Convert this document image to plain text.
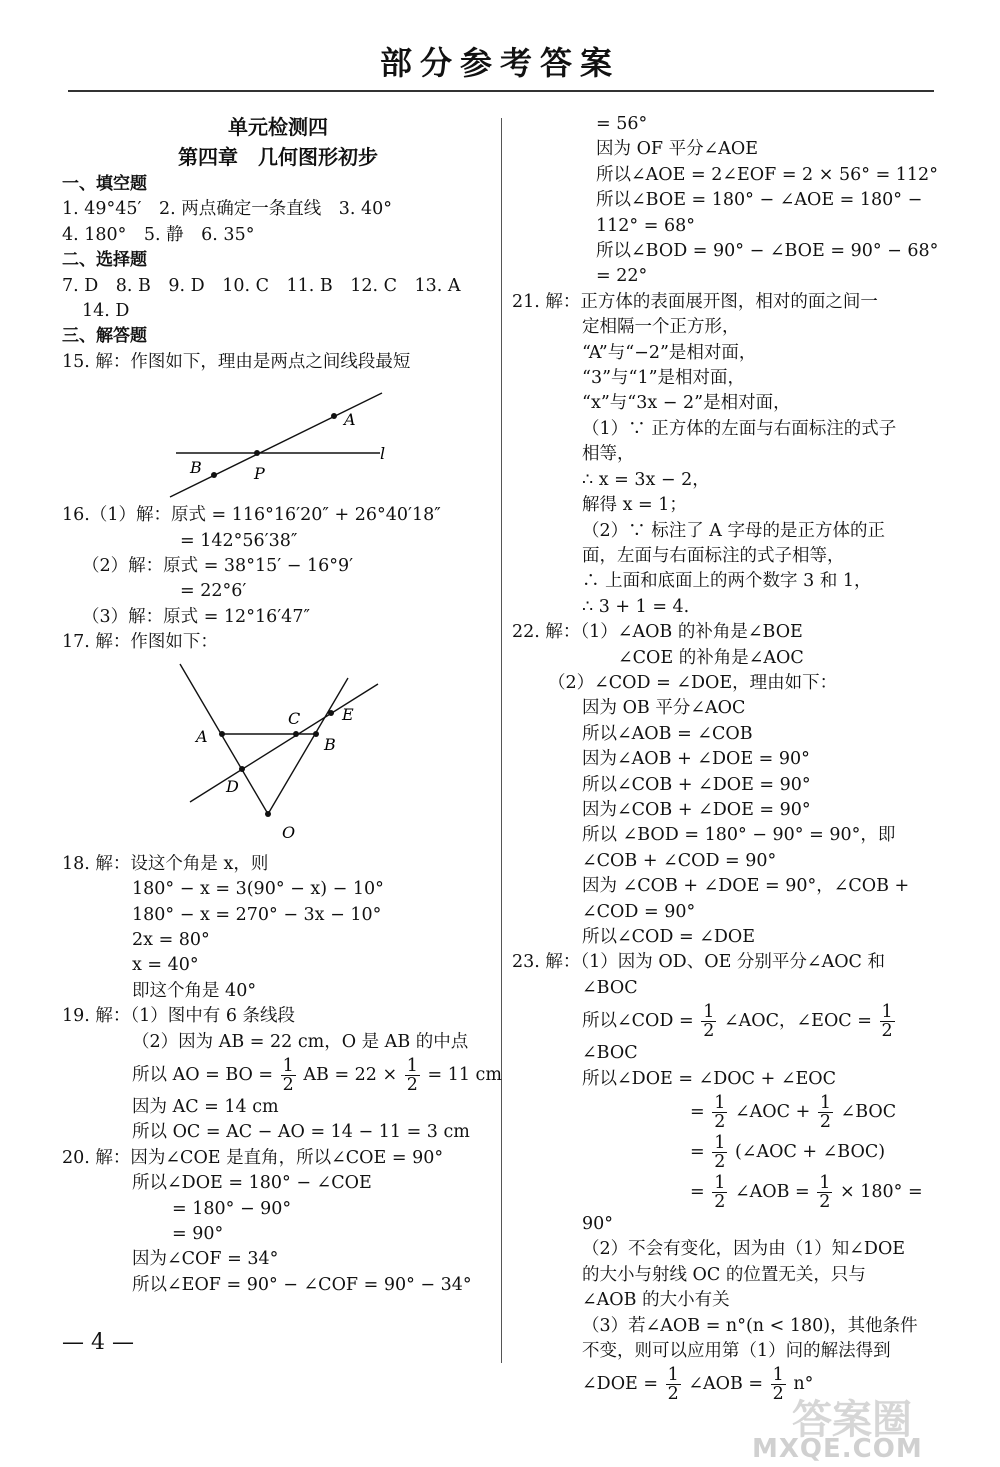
部分参考答案
单元检测四
第四章　几何图形初步
一、填空题
1. 49°45′　2. 两点确定一条直线　3. 40°
4. 180°　5. 静　6. 35°
二、选择题
7. D　8. B　9. D　10. C　11. B　12. C　13. A
14. D
三、解答题
15. 解：作图如下，理由是两点之间线段最短
A
B	P
l
16.（1）解：原式 = 116°16′20″ + 26°40′18″
= 142°56′38″
（2）解：原式 = 38°15′ − 16°9′
= 22°6′
（3）解：原式 = 12°16′47″
17. 解：作图如下：
A	B
C
D
E
O
18. 解：设这个角是 x，则
180° − x = 3(90° − x) − 10°
180° − x = 270° − 3x − 10°
2x = 80°
x = 40°
即这个角是 40°
19. 解：（1）图中有 6 条线段
（2）因为 AB = 22 cm，O 是 AB 的中点
所以 AO = BO = $\frac{1}{2}$ AB = $22 \times \frac{1}{2} = 11$ cm
因为 AC = 14 cm
所以 OC = AC − AO = 14 − 11 = 3 cm
20. 解：因为∠COE 是直角，所以∠COE = 90°
所以∠DOE = 180° − ∠COE
= 180° − 90°
= 90°
因为∠COF = 34°
所以∠EOF = 90° − ∠COF = 90° − 34°
= 56°
因为 OF 平分∠AOE
所以∠AOE = 2∠EOF = 2 × 56° = 112°
所以∠BOE = 180° − ∠AOE = 180° −
112° = 68°
所以∠BOD = 90° − ∠BOE = 90° − 68°
= 22°
21. 解：正方体的表面展开图，相对的面之间一
定相隔一个正方形，
“A”与“−2”是相对面，
“3”与“1”是相对面，
“x”与“3x − 2”是相对面，
（1）∵ 正方体的左面与右面标注的式子
相等，
∴ x = 3x − 2，
解得 x = 1；
（2）∵ 标注了 A 字母的是正方体的正
面，左面与右面标注的式子相等，
∴ 上面和底面上的两个数字 3 和 1，
∴ 3 + 1 = 4.
22. 解：（1）∠AOB 的补角是∠BOE
∠COE 的补角是∠AOC
（2）∠COD = ∠DOE，理由如下：
因为 OB 平分∠AOC
所以∠AOB = ∠COB
因为∠AOB + ∠DOE = 90°
所以∠COB + ∠DOE = 90°
因为∠COB + ∠DOE = 90°
所以 ∠BOD = 180° − 90° = 90°，即
∠COB + ∠COD = 90°
因为 ∠COB + ∠DOE = 90°，∠COB +
∠COD = 90°
所以∠COD = ∠DOE
23. 解：（1）因为 OD、OE 分别平分∠AOC 和
∠BOC
所以∠COD = $\frac{1}{2}$ ∠AOC，∠EOC = $\frac{1}{2}$
∠BOC
所以∠DOE = ∠DOC + ∠EOC
= $\frac{1}{2}$ ∠AOC + $\frac{1}{2}$ ∠BOC
= $\frac{1}{2}$ (∠AOC + ∠BOC)
= $\frac{1}{2}$ ∠AOB = $\frac{1}{2} \times 180^\circ$ =
90°
（2）不会有变化，因为由（1）知∠DOE
的大小与射线 OC 的位置无关，只与
∠AOB 的大小有关
（3）若∠AOB = n°(n < 180)，其他条件
不变，则可以应用第（1）问的解法得到
∠DOE = $\frac{1}{2}$ ∠AOB = $\frac{1}{2} n^\circ$
— 4 —
答案圈
MXQE.COM
